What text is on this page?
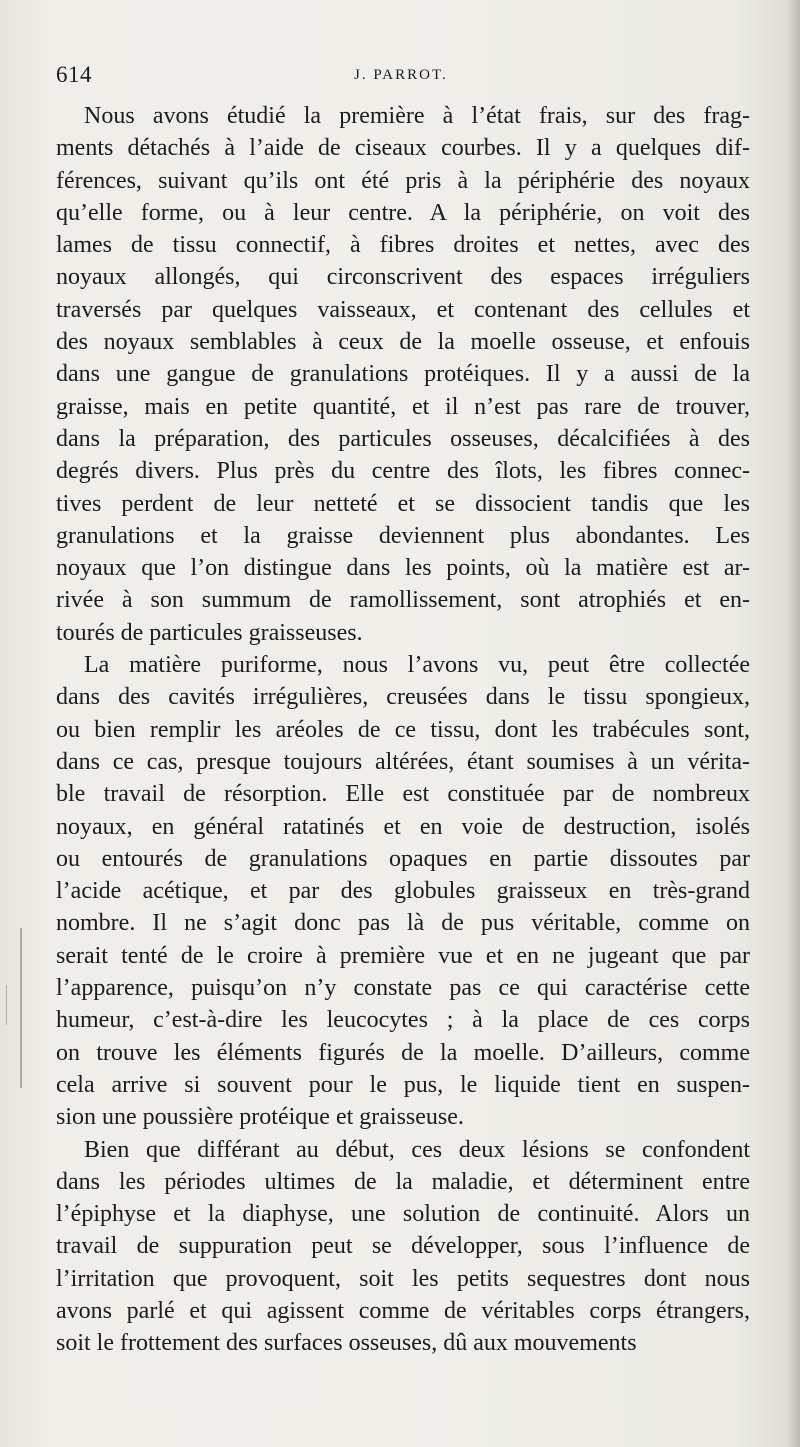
614	J. PARROT.
Nous avons étudié la première à l’état frais, sur des frag-
ments détachés à l’aide de ciseaux courbes. Il y a quelques dif-
férences, suivant qu’ils ont été pris à la périphérie des noyaux
qu’elle forme, ou à leur centre. A la périphérie, on voit des
lames de tissu connectif, à fibres droites et nettes, avec des
noyaux allongés, qui circonscrivent des espaces irréguliers
traversés par quelques vaisseaux, et contenant des cellules et
des noyaux semblables à ceux de la moelle osseuse, et enfouis
dans une gangue de granulations protéiques. Il y a aussi de la
graisse, mais en petite quantité, et il n’est pas rare de trouver,
dans la préparation, des particules osseuses, décalcifiées à des
degrés divers. Plus près du centre des îlots, les fibres connec-
tives perdent de leur netteté et se dissocient tandis que les
granulations et la graisse deviennent plus abondantes. Les
noyaux que l’on distingue dans les points, où la matière est ar-
rivée à son summum de ramollissement, sont atrophiés et en-
tourés de particules graisseuses.
La matière puriforme, nous l’avons vu, peut être collectée
dans des cavités irrégulières, creusées dans le tissu spongieux,
ou bien remplir les aréoles de ce tissu, dont les trabécules sont,
dans ce cas, presque toujours altérées, étant soumises à un vérita-
ble travail de résorption. Elle est constituée par de nombreux
noyaux, en général ratatinés et en voie de destruction, isolés
ou entourés de granulations opaques en partie dissoutes par
l’acide acétique, et par des globules graisseux en très-grand
nombre. Il ne s’agit donc pas là de pus véritable, comme on
serait tenté de le croire à première vue et en ne jugeant que par
l’apparence, puisqu’on n’y constate pas ce qui caractérise cette
humeur, c’est-à-dire les leucocytes ; à la place de ces corps
on trouve les éléments figurés de la moelle. D’ailleurs, comme
cela arrive si souvent pour le pus, le liquide tient en suspen-
sion une poussière protéique et graisseuse.
Bien que différant au début, ces deux lésions se confondent
dans les périodes ultimes de la maladie, et déterminent entre
l’épiphyse et la diaphyse, une solution de continuité. Alors un
travail de suppuration peut se développer, sous l’influence de
l’irritation que provoquent, soit les petits sequestres dont nous
avons parlé et qui agissent comme de véritables corps étrangers,
soit le frottement des surfaces osseuses, dû aux mouvements
